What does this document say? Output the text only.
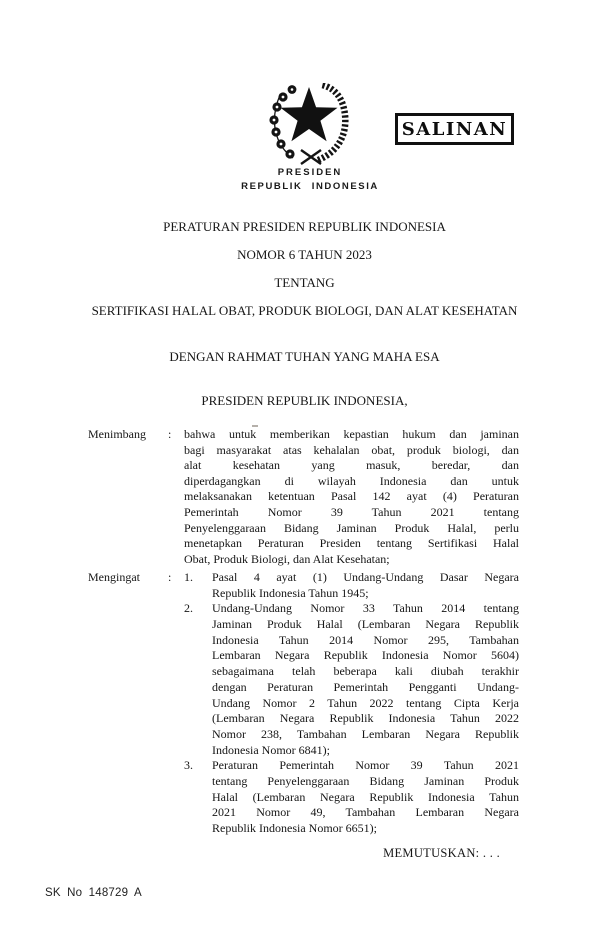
PRESIDEN
REPUBLIK INDONESIA
SALINAN
PERATURAN PRESIDEN REPUBLIK INDONESIA
NOMOR 6 TAHUN 2023
TENTANG
SERTIFIKASI HALAL OBAT, PRODUK BIOLOGI, DAN ALAT KESEHATAN
DENGAN RAHMAT TUHAN YANG MAHA ESA
PRESIDEN REPUBLIK INDONESIA,
Menimbang	:	bahwa untuk memberikan kepastian hukum dan jaminan
bagi masyarakat atas kehalalan obat, produk biologi, dan
alat kesehatan yang masuk, beredar, dan
diperdagangkan di wilayah Indonesia dan untuk
melaksanakan ketentuan Pasal 142 ayat (4) Peraturan
Pemerintah Nomor 39 Tahun 2021 tentang
Penyelenggaraan Bidang Jaminan Produk Halal, perlu
menetapkan Peraturan Presiden tentang Sertifikasi Halal
Obat, Produk Biologi, dan Alat Kesehatan;
Mengingat	:	1.	Pasal 4 ayat (1) Undang-Undang Dasar Negara
Republik Indonesia Tahun 1945;
2.	Undang-Undang Nomor 33 Tahun 2014 tentang
Jaminan Produk Halal (Lembaran Negara Republik
Indonesia Tahun 2014 Nomor 295, Tambahan
Lembaran Negara Republik Indonesia Nomor 5604)
sebagaimana telah beberapa kali diubah terakhir
dengan Peraturan Pemerintah Pengganti Undang-
Undang Nomor 2 Tahun 2022 tentang Cipta Kerja
(Lembaran Negara Republik Indonesia Tahun 2022
Nomor 238, Tambahan Lembaran Negara Republik
Indonesia Nomor 6841);
3.	Peraturan Pemerintah Nomor 39 Tahun 2021
tentang Penyelenggaraan Bidang Jaminan Produk
Halal (Lembaran Negara Republik Indonesia Tahun
2021 Nomor 49, Tambahan Lembaran Negara
Republik Indonesia Nomor 6651);
MEMUTUSKAN: . . .
SK No 148729 A
